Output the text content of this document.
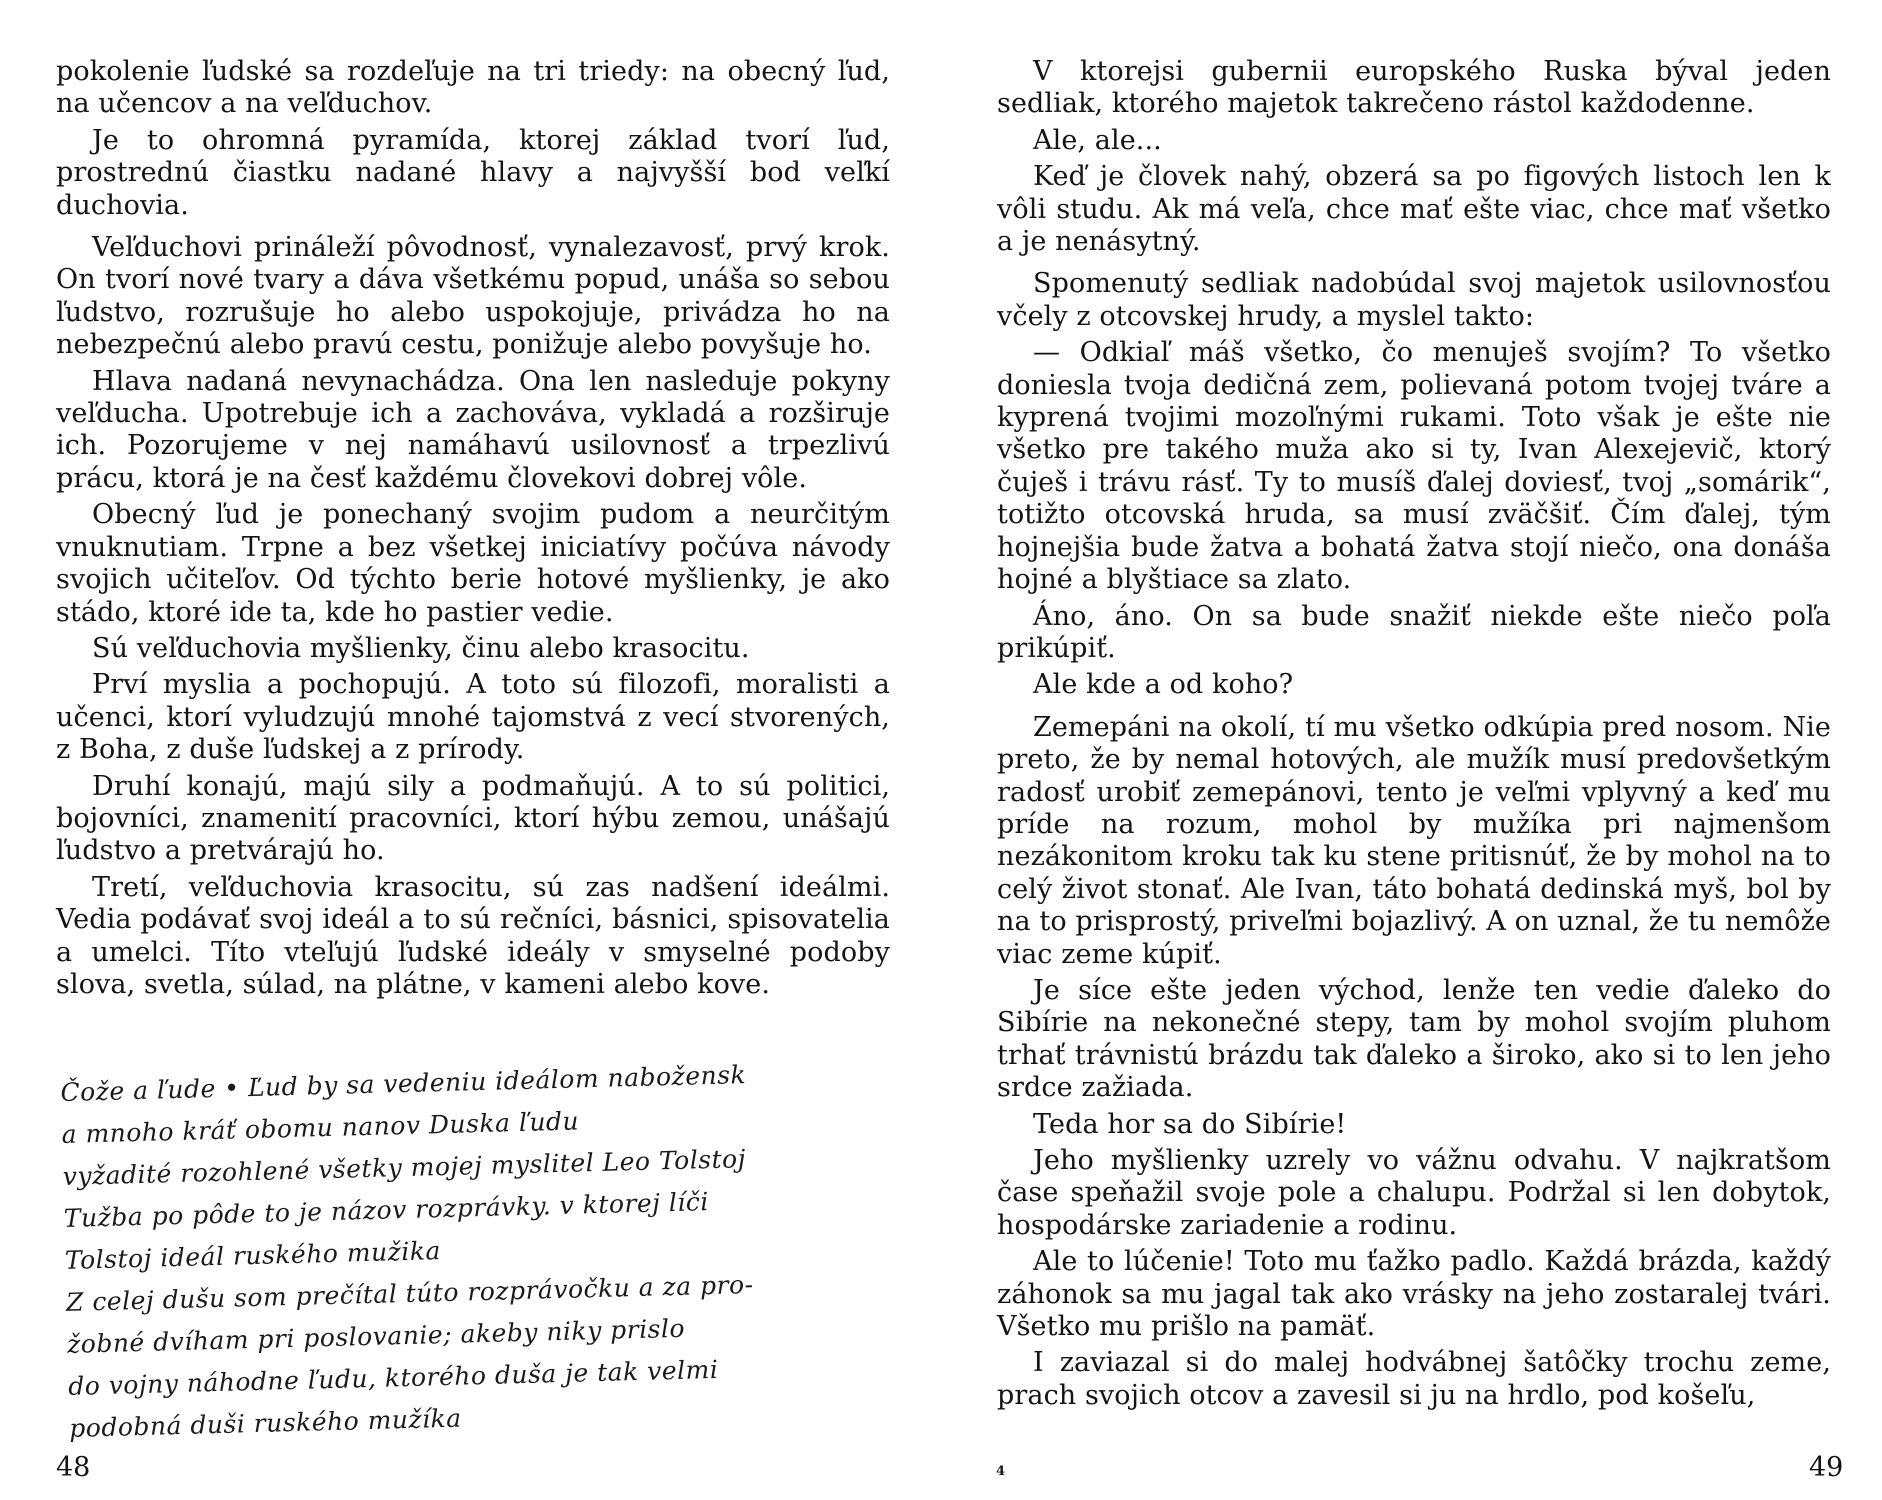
pokolenie ľudské sa rozdeľuje na tri triedy: na obecný ľud, na učencov a na veľduchov.

Je to ohromná pyramída, ktorej základ tvorí ľud, prostrednú čiastku nadané hlavy a najvyšší bod veľkí duchovia.

Veľduchovi prináleží pôvodnosť, vynalezavosť, prvý krok. On tvorí nové tvary a dáva všetkému popud, unáša so sebou ľudstvo, rozrušuje ho alebo uspokojuje, privádza ho na nebezpečnú alebo pravú cestu, ponižuje alebo povyšuje ho.

Hlava nadaná nevynachádza. Ona len nasleduje pokyny veľducha. Upotrebuje ich a zachováva, vykladá a rozširuje ich. Pozorujeme v nej namáhavú usilovnosť a trpezlivú prácu, ktorá je na česť každému človekovi dobrej vôle.

Obecný ľud je ponechaný svojim pudom a neurčitým vnuknutiam. Trpne a bez všetkej iniciatívy počúva návody svojich učiteľov. Od týchto berie hotové myšlienky, je ako stádo, ktoré ide ta, kde ho pastier vedie.

Sú veľduchovia myšlienky, činu alebo krasocitu.

Prví myslia a pochopujú. A toto sú filozofi, moralisti a učenci, ktorí vyludzujú mnohé tajomstvá z vecí stvorených, z Boha, z duše ľudskej a z prírody.

Druhí konajú, majú sily a podmaňujú. A to sú politici, bojovníci, znamenití pracovníci, ktorí hýbu zemou, unášajú ľudstvo a pretvárajú ho.

Tretí, veľduchovia krasocitu, sú zas nadšení ideálmi. Vedia podávať svoj ideál a to sú rečníci, básnici, spisovatelia a umelci. Títo vteľujú ľudské ideály v smyselné podoby slova, svetla, súlad, na plátne, v kameni alebo kove.

Čože a ľude • Ľud by sa vedeniu ideálom nabožensk
a mnoho kráť obomu nanov Duska ľudu
vyžadité rozohlené všetky mojej myslitel Leo Tolstoj
Tužba po pôde to je názov rozprávky. v ktorej líči
Tolstoj ideál ruského mužika
Z celej dušu som prečítal túto rozprávočku a za pro-
žobné dvíham pri poslovanie; akeby niky prislo
do vojny náhodne ľudu, ktorého duša je tak velmi
podobná duši ruského mužíka
48

V ktorejsi gubernii europského Ruska býval jeden sedliak, ktorého majetok takrečeno rástol každodenne.

Ale, ale...

Keď je človek nahý, obzerá sa po figových listoch len k vôli studu. Ak má veľa, chce mať ešte viac, chce mať všetko a je nenásytný.

Spomenutý sedliak nadobúdal svoj majetok usilovnosťou včely z otcovskej hrudy, a myslel takto:

— Odkiaľ máš všetko, čo menuješ svojím? To všetko doniesla tvoja dedičná zem, polievaná potom tvojej tváre a kyprená tvojimi mozoľnými rukami. Toto však je ešte nie všetko pre takého muža ako si ty, Ivan Alexejevič, ktorý čuješ i trávu rásť. Ty to musíš ďalej doviesť, tvoj „somárik“, totižto otcovská hruda, sa musí zväčšiť. Čím ďalej, tým hojnejšia bude žatva a bohatá žatva stojí niečo, ona donáša hojné a blyštiace sa zlato.

Áno, áno. On sa bude snažiť niekde ešte niečo poľa prikúpiť.

Ale kde a od koho?

Zemepáni na okolí, tí mu všetko odkúpia pred nosom. Nie preto, že by nemal hotových, ale mužík musí predovšetkým radosť urobiť zemepánovi, tento je veľmi vplyvný a keď mu príde na rozum, mohol by mužíka pri najmenšom nezákonitom kroku tak ku stene pritisnúť, že by mohol na to celý život stonať. Ale Ivan, táto bohatá dedinská myš, bol by na to prisprostý, priveľmi bojazlivý. A on uznal, že tu nemôže viac zeme kúpiť.

Je síce ešte jeden východ, lenže ten vedie ďaleko do Sibírie na nekonečné stepy, tam by mohol svojím pluhom trhať trávnistú brázdu tak ďaleko a široko, ako si to len jeho srdce zažiada.

Teda hor sa do Sibírie!

Jeho myšlienky uzrely vo vážnu odvahu. V najkratšom čase speňažil svoje pole a chalupu. Podržal si len dobytok, hospodárske zariadenie a rodinu.

Ale to lúčenie! Toto mu ťažko padlo. Každá brázda, každý záhonok sa mu jagal tak ako vrásky na jeho zostaralej tvári. Všetko mu prišlo na pamäť.

I zaviazal si do malej hodvábnej šatôčky trochu zeme, prach svojich otcov a zavesil si ju na hrdlo, pod košeľu,

4	49
